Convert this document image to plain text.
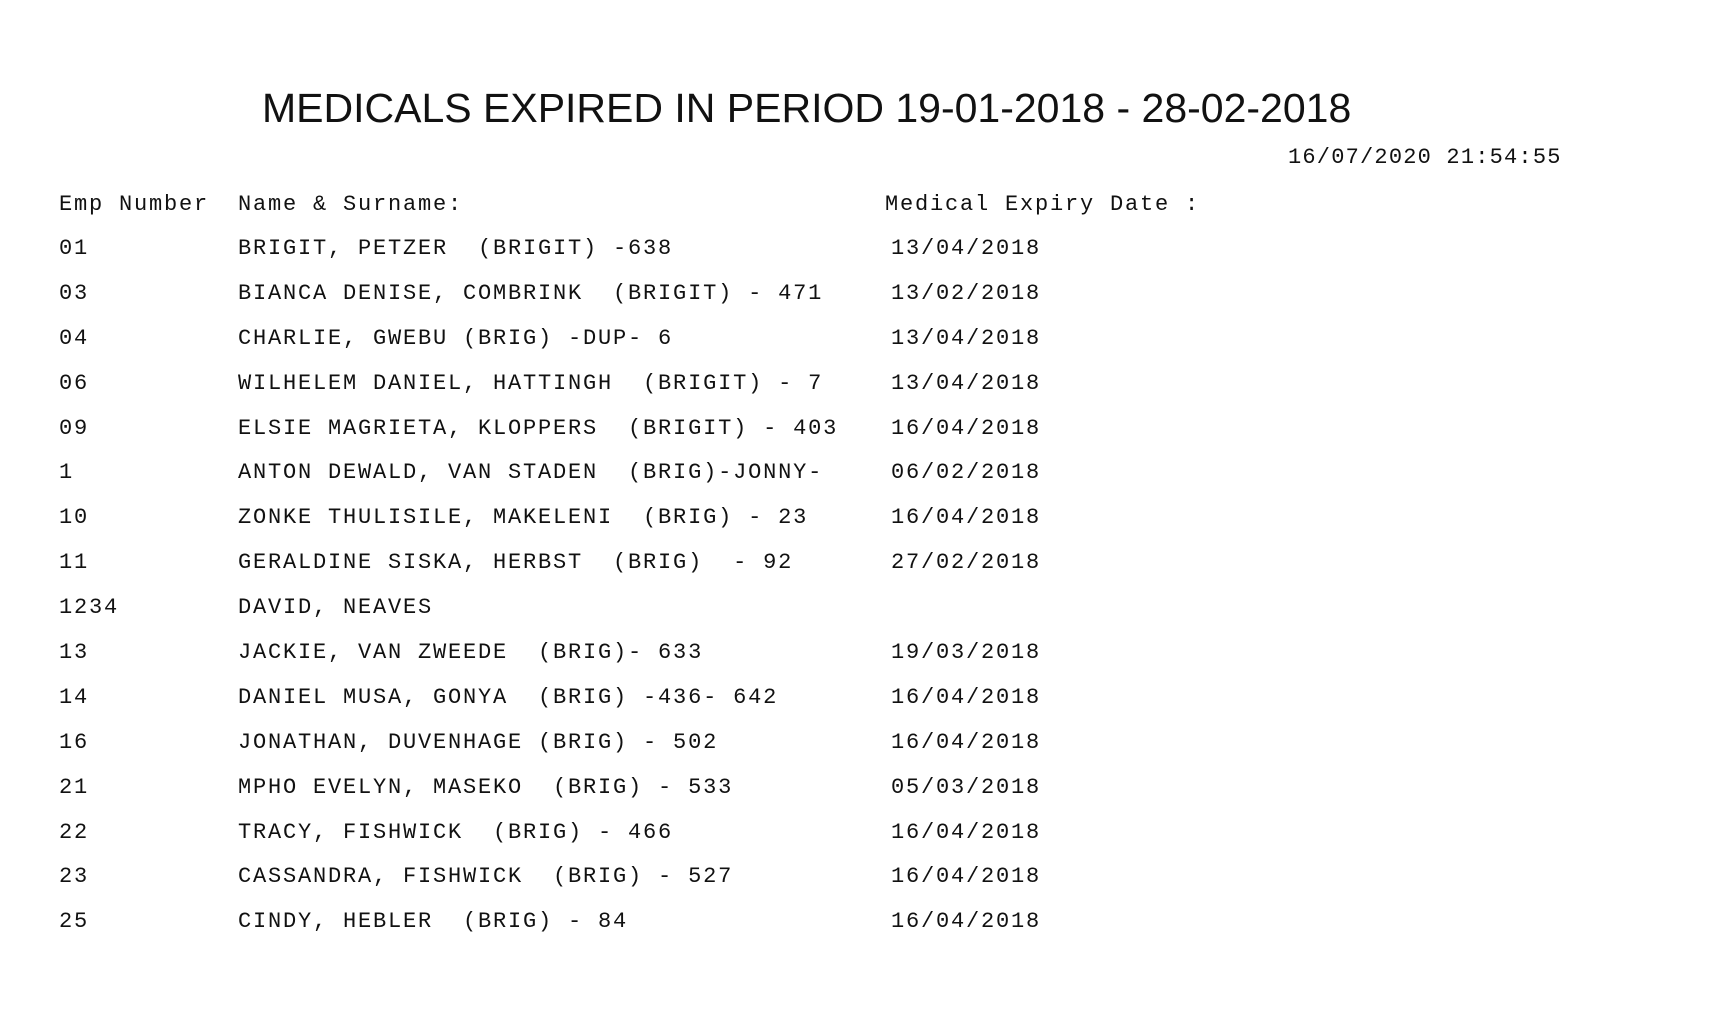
MEDICALS EXPIRED IN PERIOD 19-01-2018 - 28-02-2018
16/07/2020 21:54:55
Emp Number Name & Surname:	Medical Expiry Date :
01	BRIGIT, PETZER  (BRIGIT) -638	13/04/2018
03	BIANCA DENISE, COMBRINK  (BRIGIT) - 471	13/02/2018
04	CHARLIE, GWEBU (BRIG) -DUP- 6	13/04/2018
06	WILHELEM DANIEL, HATTINGH  (BRIGIT) - 7	13/04/2018
09	ELSIE MAGRIETA, KLOPPERS  (BRIGIT) - 403 16/04/2018
1	ANTON DEWALD, VAN STADEN  (BRIG)-JONNY-	06/02/2018
10	ZONKE THULISILE, MAKELENI  (BRIG) - 23	16/04/2018
11	GERALDINE SISKA, HERBST  (BRIG)  - 92	27/02/2018
1234	DAVID, NEAVES
13	JACKIE, VAN ZWEEDE  (BRIG)- 633	19/03/2018
14	DANIEL MUSA, GONYA  (BRIG) -436- 642	16/04/2018
16	JONATHAN, DUVENHAGE (BRIG) - 502	16/04/2018
21	MPHO EVELYN, MASEKO  (BRIG) - 533	05/03/2018
22	TRACY, FISHWICK  (BRIG) - 466	16/04/2018
23	CASSANDRA, FISHWICK  (BRIG) - 527	16/04/2018
25	CINDY, HEBLER  (BRIG) - 84	16/04/2018
